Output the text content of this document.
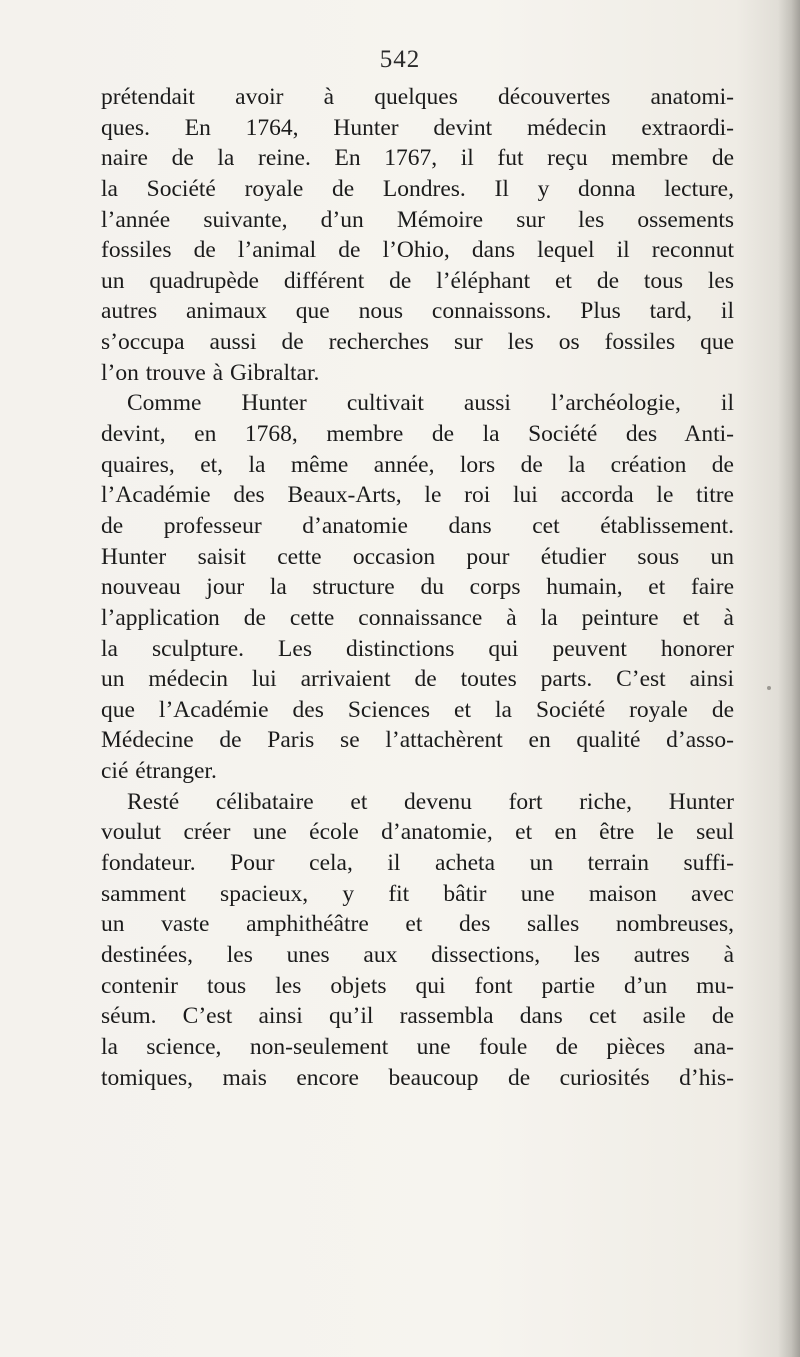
542
prétendait avoir à quelques découvertes anatomi-
ques. En 1764, Hunter devint médecin extraordi-
naire de la reine. En 1767, il fut reçu membre de
la Société royale de Londres. Il y donna lecture,
l’année suivante, d’un Mémoire sur les ossements
fossiles de l’animal de l’Ohio, dans lequel il reconnut
un quadrupède différent de l’éléphant et de tous les
autres animaux que nous connaissons. Plus tard, il
s’occupa aussi de recherches sur les os fossiles que
l’on trouve à Gibraltar.
Comme Hunter cultivait aussi l’archéologie, il
devint, en 1768, membre de la Société des Anti-
quaires, et, la même année, lors de la création de
l’Académie des Beaux-Arts, le roi lui accorda le titre
de professeur d’anatomie dans cet établissement.
Hunter saisit cette occasion pour étudier sous un
nouveau jour la structure du corps humain, et faire
l’application de cette connaissance à la peinture et à
la sculpture. Les distinctions qui peuvent honorer
un médecin lui arrivaient de toutes parts. C’est ainsi
que l’Académie des Sciences et la Société royale de
Médecine de Paris se l’attachèrent en qualité d’asso-
cié étranger.
Resté célibataire et devenu fort riche, Hunter
voulut créer une école d’anatomie, et en être le seul
fondateur. Pour cela, il acheta un terrain suffi-
samment spacieux, y fit bâtir une maison avec
un vaste amphithéâtre et des salles nombreuses,
destinées, les unes aux dissections, les autres à
contenir tous les objets qui font partie d’un mu-
séum. C’est ainsi qu’il rassembla dans cet asile de
la science, non-seulement une foule de pièces ana-
tomiques, mais encore beaucoup de curiosités d’his-
